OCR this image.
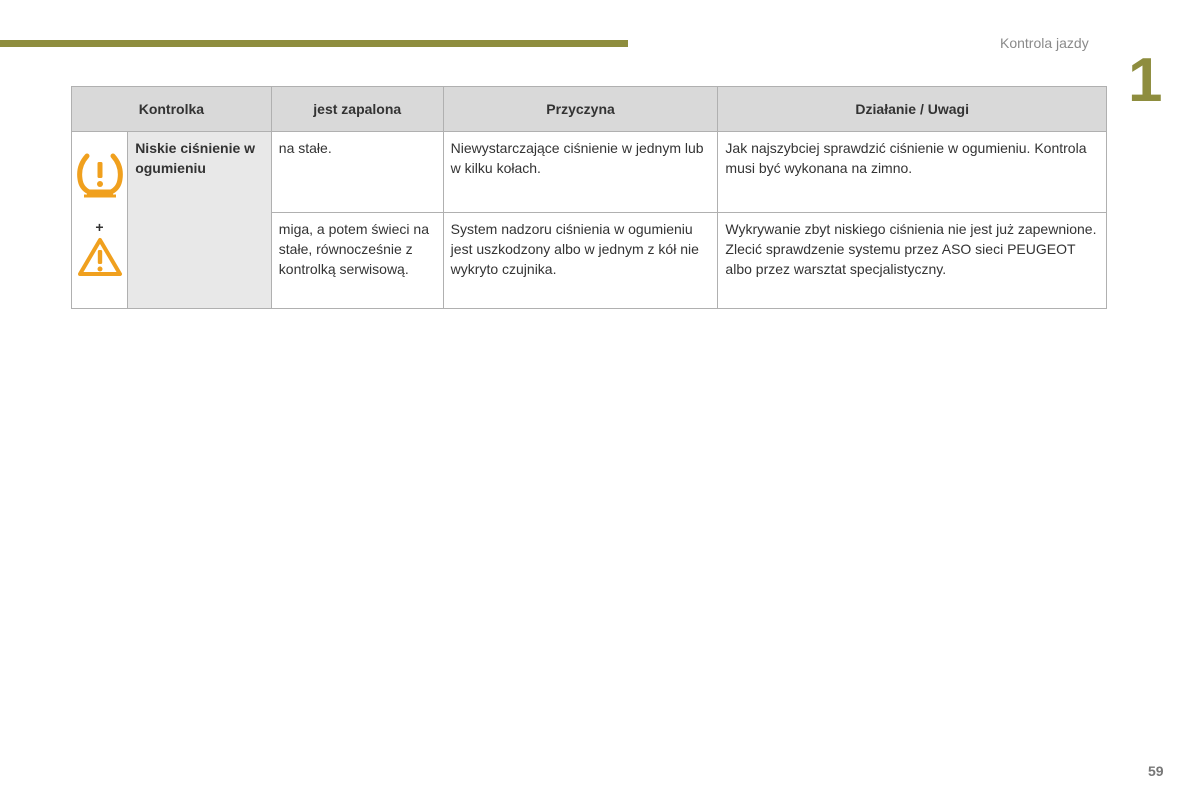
Kontrola jazdy
1
Kontrolka		jest zapalona	Przyczyna	Działanie / Uwagi

+	Niskie ciśnienie w ogumieniu	na stałe.	Niewystarczające ciśnienie w jednym lub w kilku kołach.	Jak najszybciej sprawdzić ciśnienie w ogumieniu. Kontrola musi być wykonana na zimno.
		miga, a potem świeci na stałe, równocześnie z kontrolką serwisową.	System nadzoru ciśnienia w ogumieniu jest uszkodzony albo w jednym z kół nie wykryto czujnika.	Wykrywanie zbyt niskiego ciśnienia nie jest już zapewnione.
Zlecić sprawdzenie systemu przez ASO sieci PEUGEOT albo przez warsztat specjalistyczny.
59
